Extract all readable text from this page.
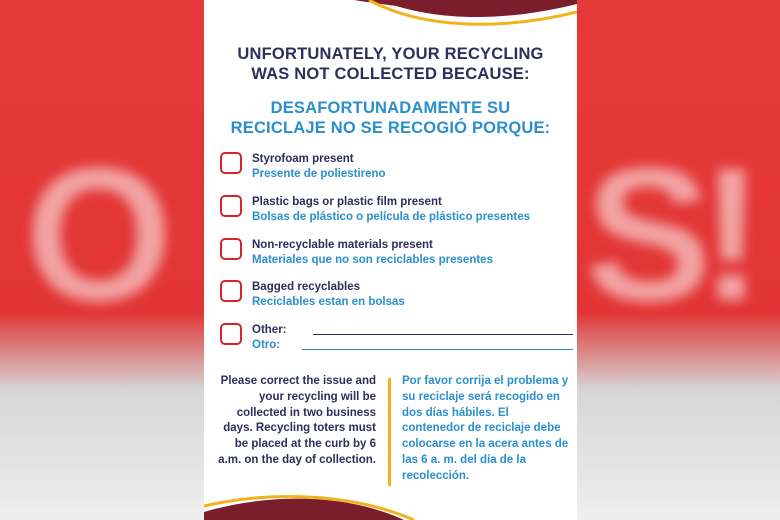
O S
!
UNFORTUNATELY, YOUR RECYCLING
WAS NOT COLLECTED BECAUSE:
DESAFORTUNADAMENTE SU
RECICLAJE NO SE RECOGIÓ PORQUE:
Styrofoam present
Presente de poliestireno
Plastic bags or plastic film present
Bolsas de plástico o película de plástico presentes
Non-recyclable materials present
Materiales que no son reciclables presentes
Bagged recyclables
Reciclables estan en bolsas
Other:
Otro:
Please correct the issue and your recycling will be collected in two business days. Recycling toters must be placed at the curb by 6 a.m. on the day of collection.
Por favor corrija el problema y su reciclaje será recogido en dos días hábiles. El contenedor de reciclaje debe colocarse en la acera antes de las 6 a. m. del día de la recolección.
